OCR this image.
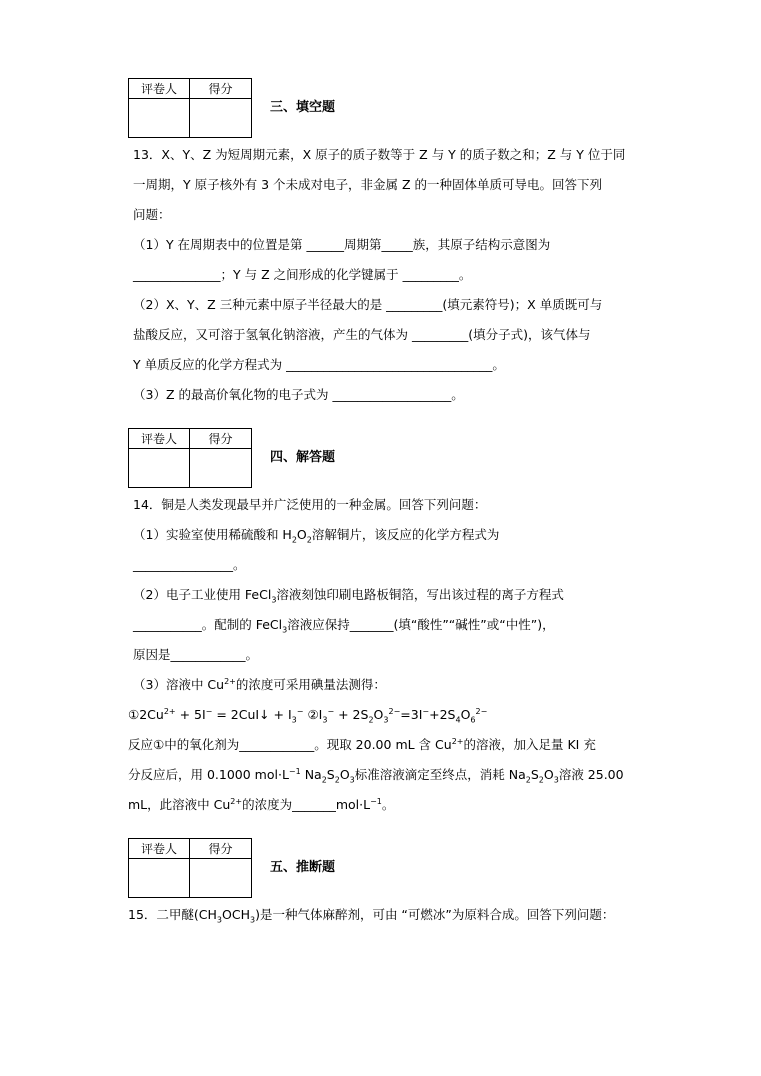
评卷人	得分
三、填空题
13．X、Y、Z 为短周期元素，X 原子的质子数等于 Z 与 Y 的质子数之和；Z 与 Y 位于同
一周期，Y 原子核外有 3 个未成对电子，非金属 Z 的一种固体单质可导电。回答下列
问题：
（1）Y 在周期表中的位置是第 ______周期第_____族，其原子结构示意图为
______________；Y 与 Z 之间形成的化学键属于 _________。
（2）X、Y、Z 三种元素中原子半径最大的是 _________(填元素符号)；X 单质既可与
盐酸反应，又可溶于氢氧化钠溶液，产生的气体为 _________(填分子式)，该气体与
Y 单质反应的化学方程式为 _________________________________。
（3）Z 的最高价氧化物的电子式为 ___________________。
评卷人	得分
四、解答题
14．铜是人类发现最早并广泛使用的一种金属。回答下列问题：
（1）实验室使用稀硫酸和 $H_2O_2$溶解铜片，该反应的化学方程式为
________________。
（2）电子工业使用 FeCl$_3$溶液刻蚀印刷电路板铜箔，写出该过程的离子方程式
___________。配制的 FeCl$_3$溶液应保持_______(填“酸性”“碱性”或“中性”)，
原因是____________。
（3）溶液中 $Cu^{2+}$的浓度可采用碘量法测得：
$①2Cu^{2+} + 5I^-$ = 2CuI↓ + $I_3^-$ $②I_3^- + 2S_2O_3^{2-}=3I^-+2S_4O_6^{2-}$
反应①中的氧化剂为____________。现取 20.00 mL 含 $Cu^{2+}$的溶液，加入足量 KI 充
分反应后，用 0.1000 $mol\cdot L^{-1}$ $Na_2S_2O_3$标准溶液滴定至终点，消耗 $Na_2S_2O_3$溶液 25.00
mL，此溶液中 $Cu^{2+}$的浓度为$\_\_\_\_\_\_\_mol\cdot L^{-1}$。
评卷人	得分
五、推断题
15．二甲醚$(CH_3OCH_3)$是一种气体麻醉剂，可由 “可燃冰”为原料合成。回答下列问题：
